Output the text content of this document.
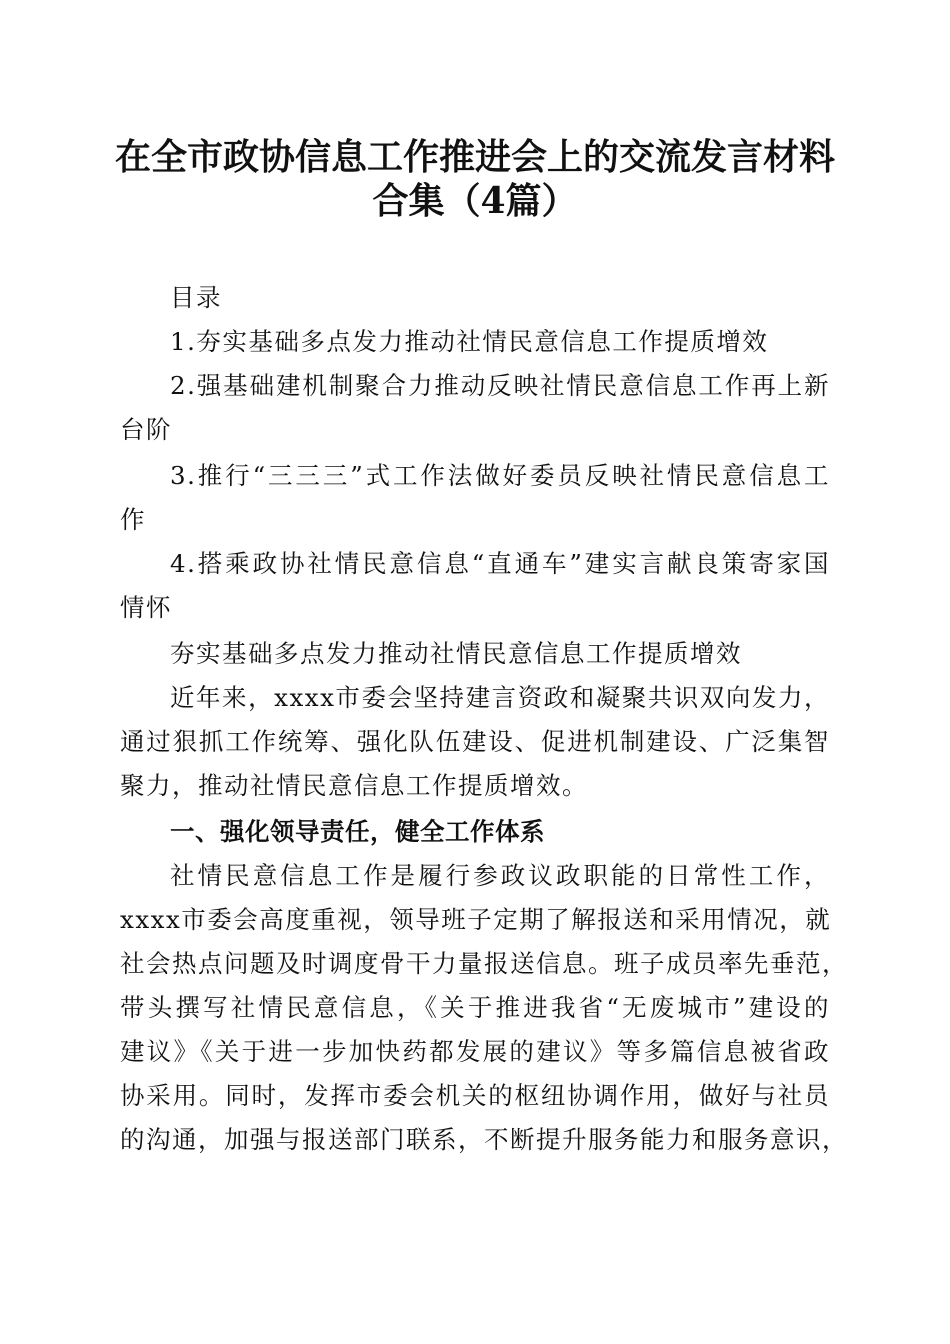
在全市政协信息工作推进会上的交流发言材料
合集（4篇）
目录
1.夯实基础多点发力推动社情民意信息工作提质增效
2.强基础建机制聚合力推动反映社情民意信息工作再上新
台阶
3.推行“三三三”式工作法做好委员反映社情民意信息工
作
4.搭乘政协社情民意信息“直通车”建实言献良策寄家国
情怀
夯实基础多点发力推动社情民意信息工作提质增效
近年来，xxxx市委会坚持建言资政和凝聚共识双向发力，
通过狠抓工作统筹、强化队伍建设、促进机制建设、广泛集智
聚力，推动社情民意信息工作提质增效。
一、强化领导责任，健全工作体系
社情民意信息工作是履行参政议政职能的日常性工作，
xxxx市委会高度重视，领导班子定期了解报送和采用情况，就
社会热点问题及时调度骨干力量报送信息。班子成员率先垂范，
带头撰写社情民意信息，《关于推进我省“无废城市”建设的
建议》《关于进一步加快药都发展的建议》等多篇信息被省政
协采用。同时，发挥市委会机关的枢纽协调作用，做好与社员
的沟通，加强与报送部门联系，不断提升服务能力和服务意识，
